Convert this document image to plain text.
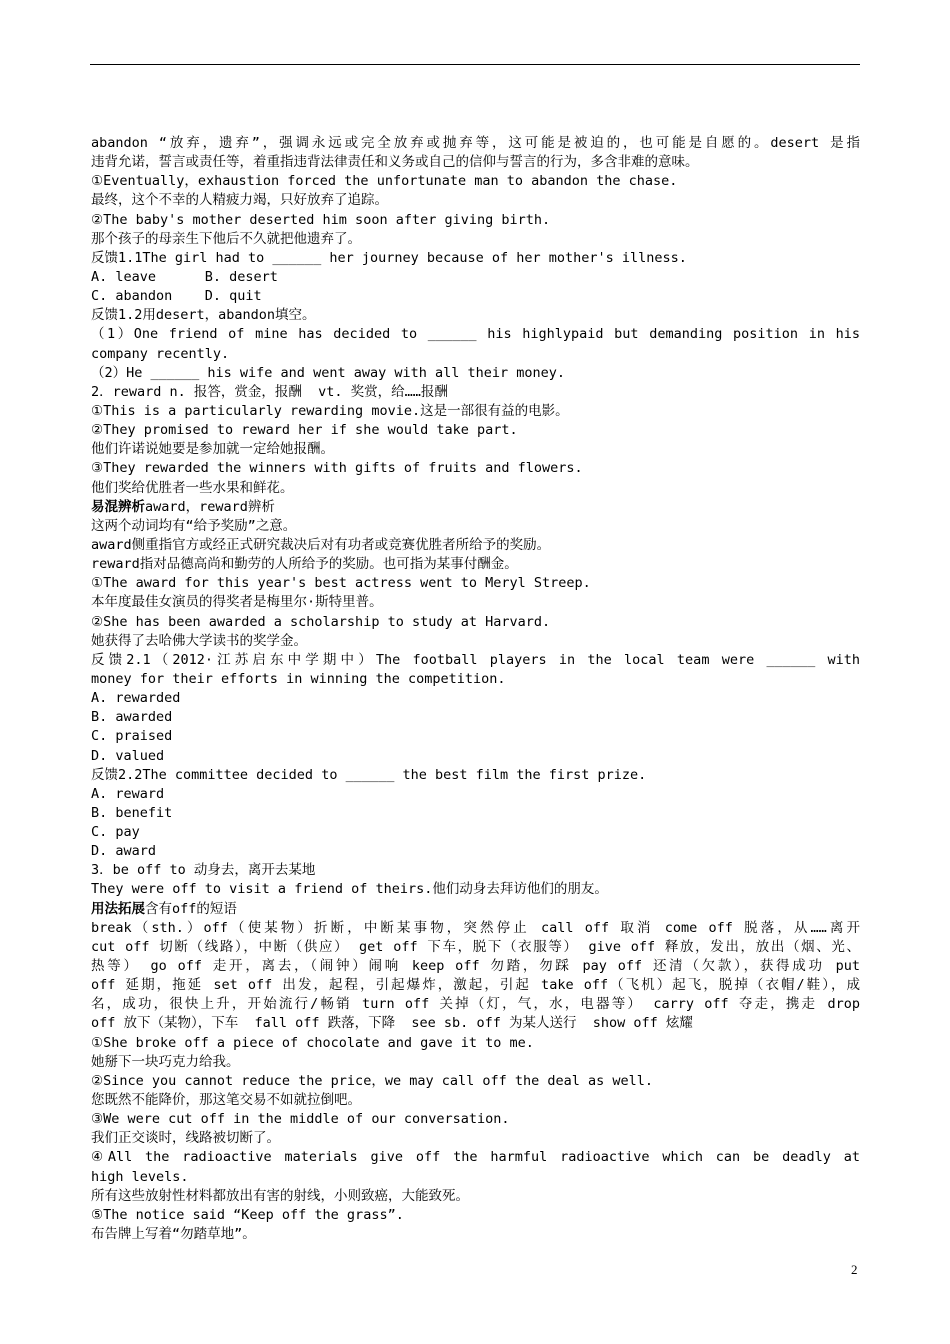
abandon “放弃，遗弃”，强调永远或完全放弃或抛弃等，这可能是被迫的，也可能是自愿的。desert 是指
违背允诺，誓言或责任等，着重指违背法律责任和义务或自己的信仰与誓言的行为，多含非难的意味。
①Eventually，exhaustion forced the unfortunate man to abandon the chase.
最终，这个不幸的人精疲力竭，只好放弃了追踪。
②The baby's mother deserted him soon after giving birth.
那个孩子的母亲生下他后不久就把他遗弃了。
反馈1.1The girl had to ______ her journey because of her mother's illness.
A. leave      B. desert
C. abandon    D. quit
反馈1.2用desert，abandon填空。
（1）One friend of mine has decided to ______ his highlypaid but demanding position in his
company recently.
（2）He ______ his wife and went away with all their money.
2．reward n. 报答，赏金，报酬  vt. 奖赏，给……报酬
①This is a particularly rewarding movie.这是一部很有益的电影。
②They promised to reward her if she would take part.
他们许诺说她要是参加就一定给她报酬。
③They rewarded the winners with gifts of fruits and flowers.
他们奖给优胜者一些水果和鲜花。
易混辨析award，reward辨析
这两个动词均有“给予奖励”之意。
award侧重指官方或经正式研究裁决后对有功者或竞赛优胜者所给予的奖励。
reward指对品德高尚和勤劳的人所给予的奖励。也可指为某事付酬金。
①The award for this year's best actress went to Meryl Streep.
本年度最佳女演员的得奖者是梅里尔·斯特里普。
②She has been awarded a scholarship to study at Harvard.
她获得了去哈佛大学读书的奖学金。
反馈2.1（2012·江苏启东中学期中）The football players in the local team were ______ with
money for their efforts in winning the competition.
A. rewarded
B. awarded
C. praised
D. valued
反馈2.2The committee decided to ______ the best film the first prize.
A. reward
B. benefit
C. pay
D. award
3．be off to 动身去，离开去某地
They were off to visit a friend of theirs.他们动身去拜访他们的朋友。
用法拓展含有off的短语
break（sth.）off（使某物）折断，中断某事物，突然停止 call off 取消 come off 脱落，从……离开
cut off 切断（线路），中断（供应） get off 下车，脱下（衣服等） give off 释放，发出，放出（烟、光、
热等） go off 走开，离去，（闹钟）闹响 keep off 勿踏，勿踩 pay off 还清（欠款），获得成功 put
off 延期，拖延 set off 出发，起程，引起爆炸，激起，引起 take off（飞机）起飞，脱掉（衣帽/鞋），成
名，成功，很快上升，开始流行/畅销 turn off 关掉（灯，气，水，电器等） carry off 夺走，携走 drop
off 放下（某物），下车  fall off 跌落，下降  see sb. off 为某人送行  show off 炫耀
①She broke off a piece of chocolate and gave it to me.
她掰下一块巧克力给我。
②Since you cannot reduce the price，we may call off the deal as well.
您既然不能降价，那这笔交易不如就拉倒吧。
③We were cut off in the middle of our conversation.
我们正交谈时，线路被切断了。
④All the radioactive materials give off the harmful radioactive which can be deadly at
high levels.
所有这些放射性材料都放出有害的射线，小则致癌，大能致死。
⑤The notice said “Keep off the grass”.
布告牌上写着“勿踏草地”。
2
